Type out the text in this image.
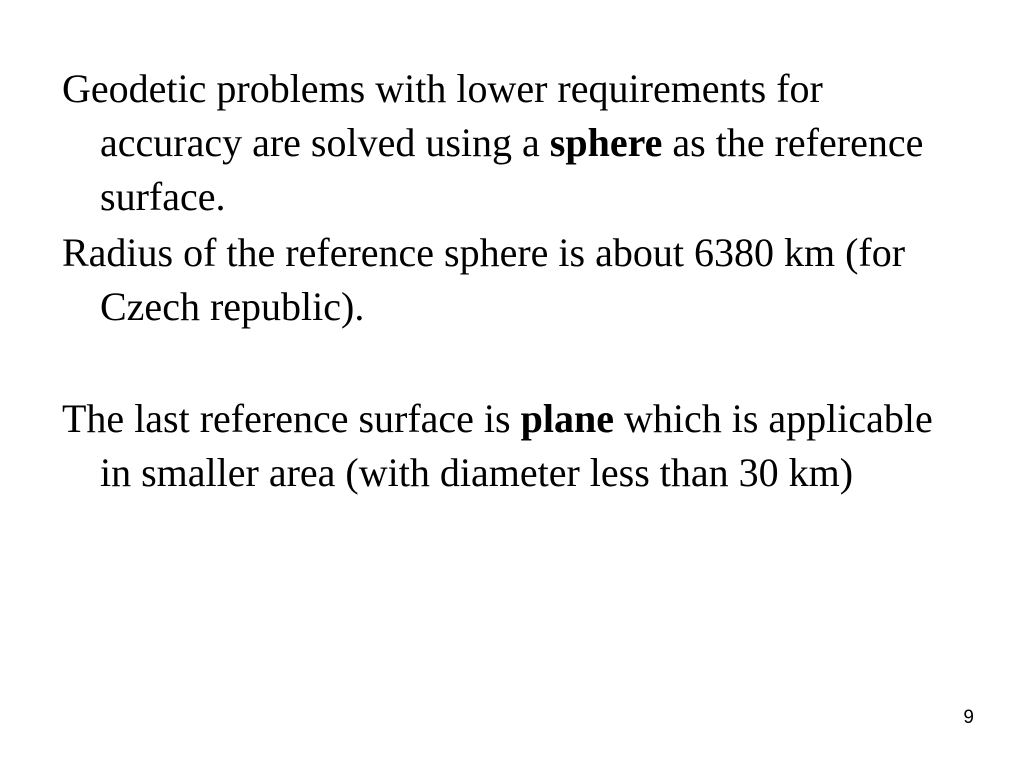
Geodetic problems with lower requirements for accuracy are solved using a sphere as the reference surface.

Radius of the reference sphere is about 6380 km (for Czech republic).

The last reference surface is plane which is applicable in smaller area (with diameter less than 30 km)

9
